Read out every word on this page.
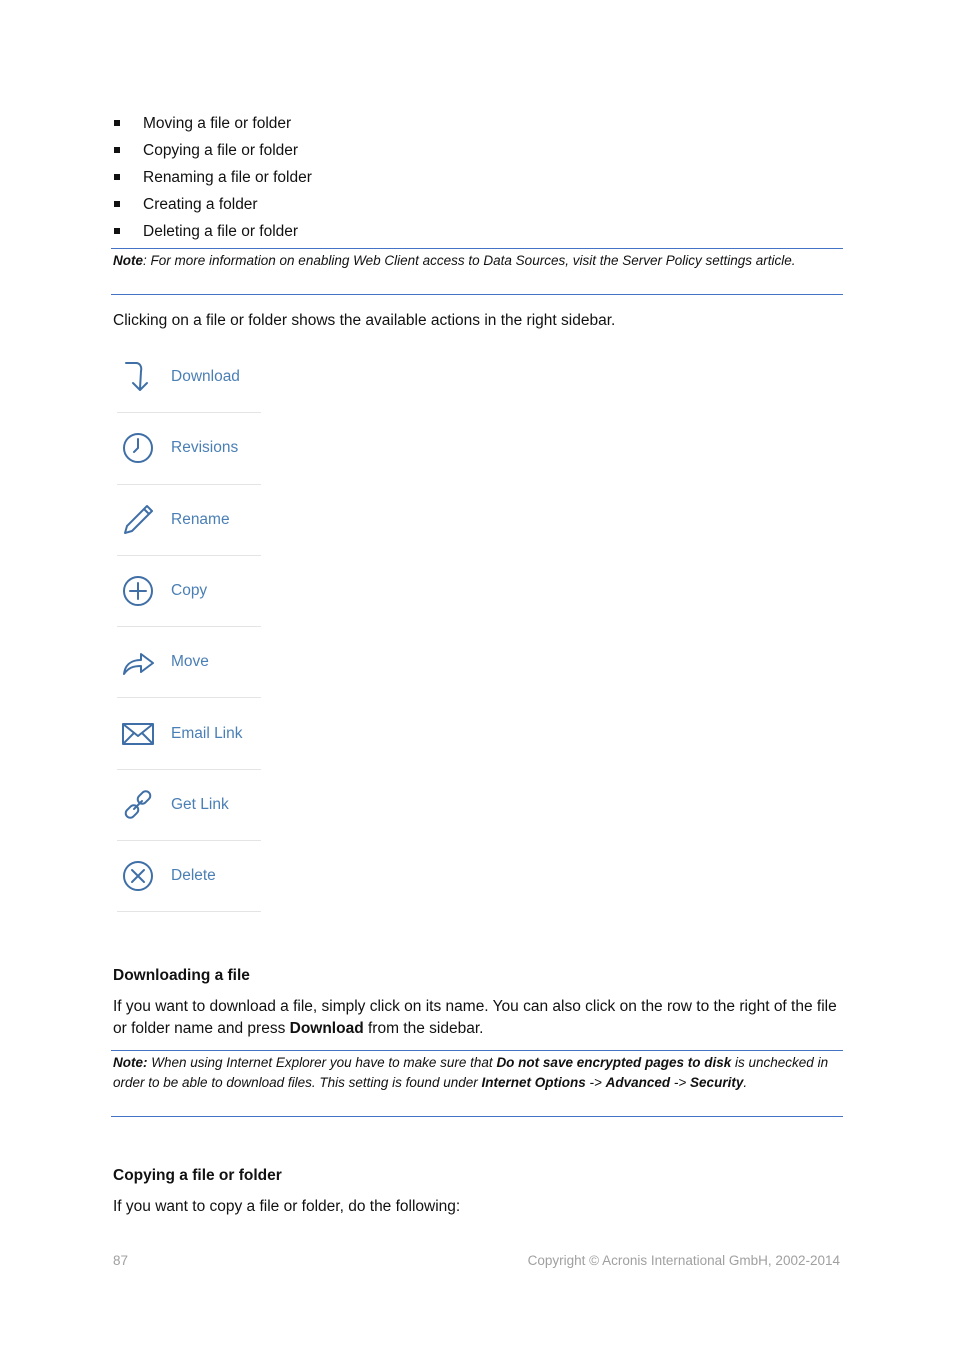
Moving a file or folder
Copying a file or folder
Renaming a file or folder
Creating a folder
Deleting a file or folder
Note: For more information on enabling Web Client access to Data Sources, visit the Server Policy settings article.

Clicking on a file or folder shows the available actions in the right sidebar.

Download
Revisions
Rename
Copy
Move
Email Link
Get Link
Delete
Downloading a file

If you want to download a file, simply click on its name. You can also click on the row to the right of the file or folder name and press Download from the sidebar.

Note: When using Internet Explorer you have to make sure that Do not save encrypted pages to disk is unchecked in order to be able to download files. This setting is found under Internet Options -> Advanced -> Security.
Copying a file or folder

If you want to copy a file or folder, do the following:

87	Copyright © Acronis International GmbH, 2002-2014
